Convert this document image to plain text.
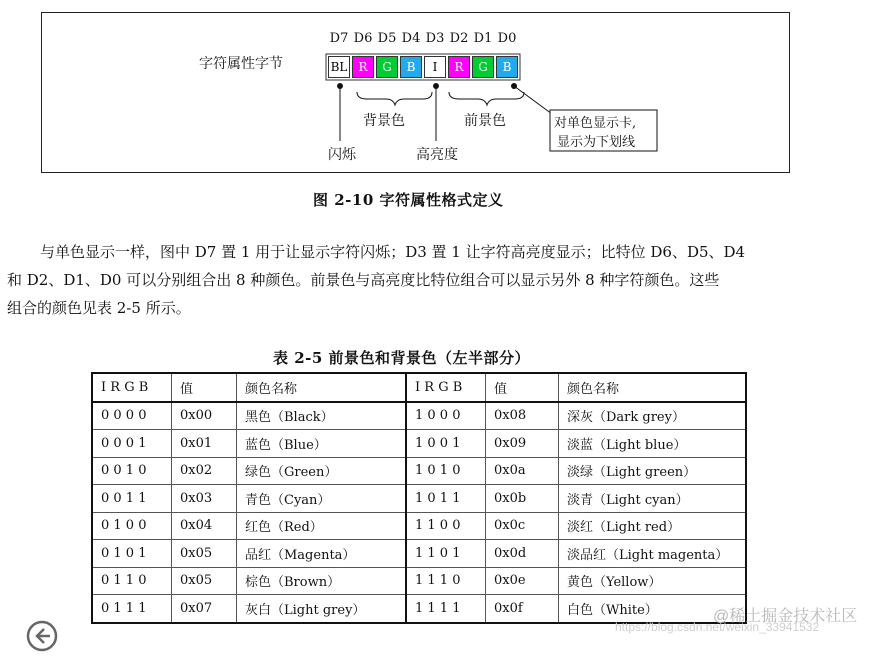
字符属性字节
D7 D6 D5 D4 D3 D2 D1 D0
BL R	G	B	I	R	G	B
背景色	前景色
闪烁	高亮度
对单色显示卡,
显示为下划线
图 2-10 字符属性格式定义
与单色显示一样，图中 D7 置 1 用于让显示字符闪烁；D3 置 1 让字符高亮度显示；比特位 D6、D5、D4
和 D2、D1、D0 可以分别组合出 8 种颜色。前景色与高亮度比特位组合可以显示另外 8 种字符颜色。这些
组合的颜色见表 2-5 所示。
表 2-5 前景色和背景色（左半部分）
I R G B	值	颜色名称	I R G B	值	颜色名称
0 0 0 0	0x00	黑色（Black）	1 0 0 0	0x08	深灰（Dark grey）
0 0 0 1	0x01	蓝色（Blue）	1 0 0 1	0x09	淡蓝（Light blue）
0 0 1 0	0x02	绿色（Green）	1 0 1 0	0x0a	淡绿（Light green）
0 0 1 1	0x03	青色（Cyan）	1 0 1 1	0x0b	淡青（Light cyan）
0 1 0 0	0x04	红色（Red）	1 1 0 0	0x0c	淡红（Light red）
0 1 0 1	0x05	品红（Magenta）	1 1 0 1	0x0d	淡品红（Light magenta）
0 1 1 0	0x05	棕色（Brown）	1 1 1 0	0x0e	黄色（Yellow）
0 1 1 1	0x07	灰白（Light grey）	1 1 1 1	0x0f	白色（White）	@稀土掘金技术社区
https://blog.csdn.net/weixin_33941532
